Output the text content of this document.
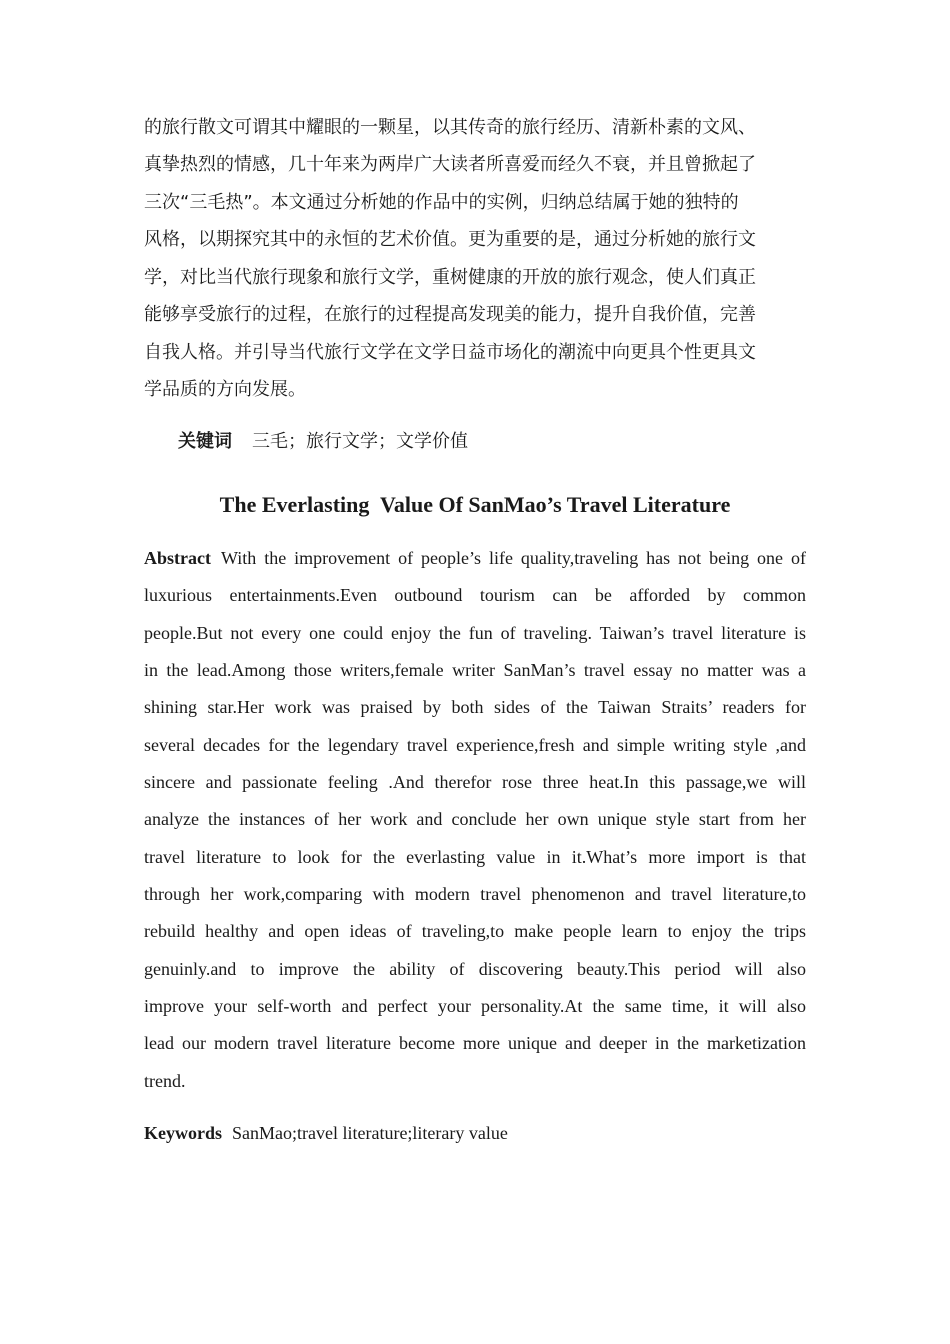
的旅行散文可谓其中耀眼的一颗星，以其传奇的旅行经历、清新朴素的文风、
真挚热烈的情感，几十年来为两岸广大读者所喜爱而经久不衰，并且曾掀起了
三次“三毛热”。本文通过分析她的作品中的实例，归纳总结属于她的独特的
风格，以期探究其中的永恒的艺术价值。更为重要的是，通过分析她的旅行文
学，对比当代旅行现象和旅行文学，重树健康的开放的旅行观念，使人们真正
能够享受旅行的过程，在旅行的过程提高发现美的能力，提升自我价值，完善
自我人格。并引导当代旅行文学在文学日益市场化的潮流中向更具个性更具文
学品质的方向发展。
关键词 三毛；旅行文学；文学价值
The Everlasting  Value Of SanMao’s Travel Literature
Abstract With the improvement of people’s life quality,traveling has not being one of
luxurious entertainments.Even outbound tourism can be afforded by common
people.But not every one could enjoy the fun of traveling. Taiwan’s travel literature is
in the lead.Among those writers,female writer SanMan’s travel essay no matter was a
shining star.Her work was praised by both sides of the Taiwan Straits’ readers for
several decades for the legendary travel experience,fresh and simple writing style ,and
sincere and passionate feeling .And therefor rose three heat.In this passage,we will
analyze the instances of her work and conclude her own unique style start from her
travel literature to look for the everlasting value in it.What’s more import is that
through her work,comparing with modern travel phenomenon and travel literature,to
rebuild healthy and open ideas of traveling,to make people learn to enjoy the trips
genuinly.and to improve the ability of discovering beauty.This period will also
improve your self-worth and perfect your personality.At the same time, it will also
lead our modern travel literature become more unique and deeper in the marketization
trend.
Keywords SanMao;travel literature;literary value
